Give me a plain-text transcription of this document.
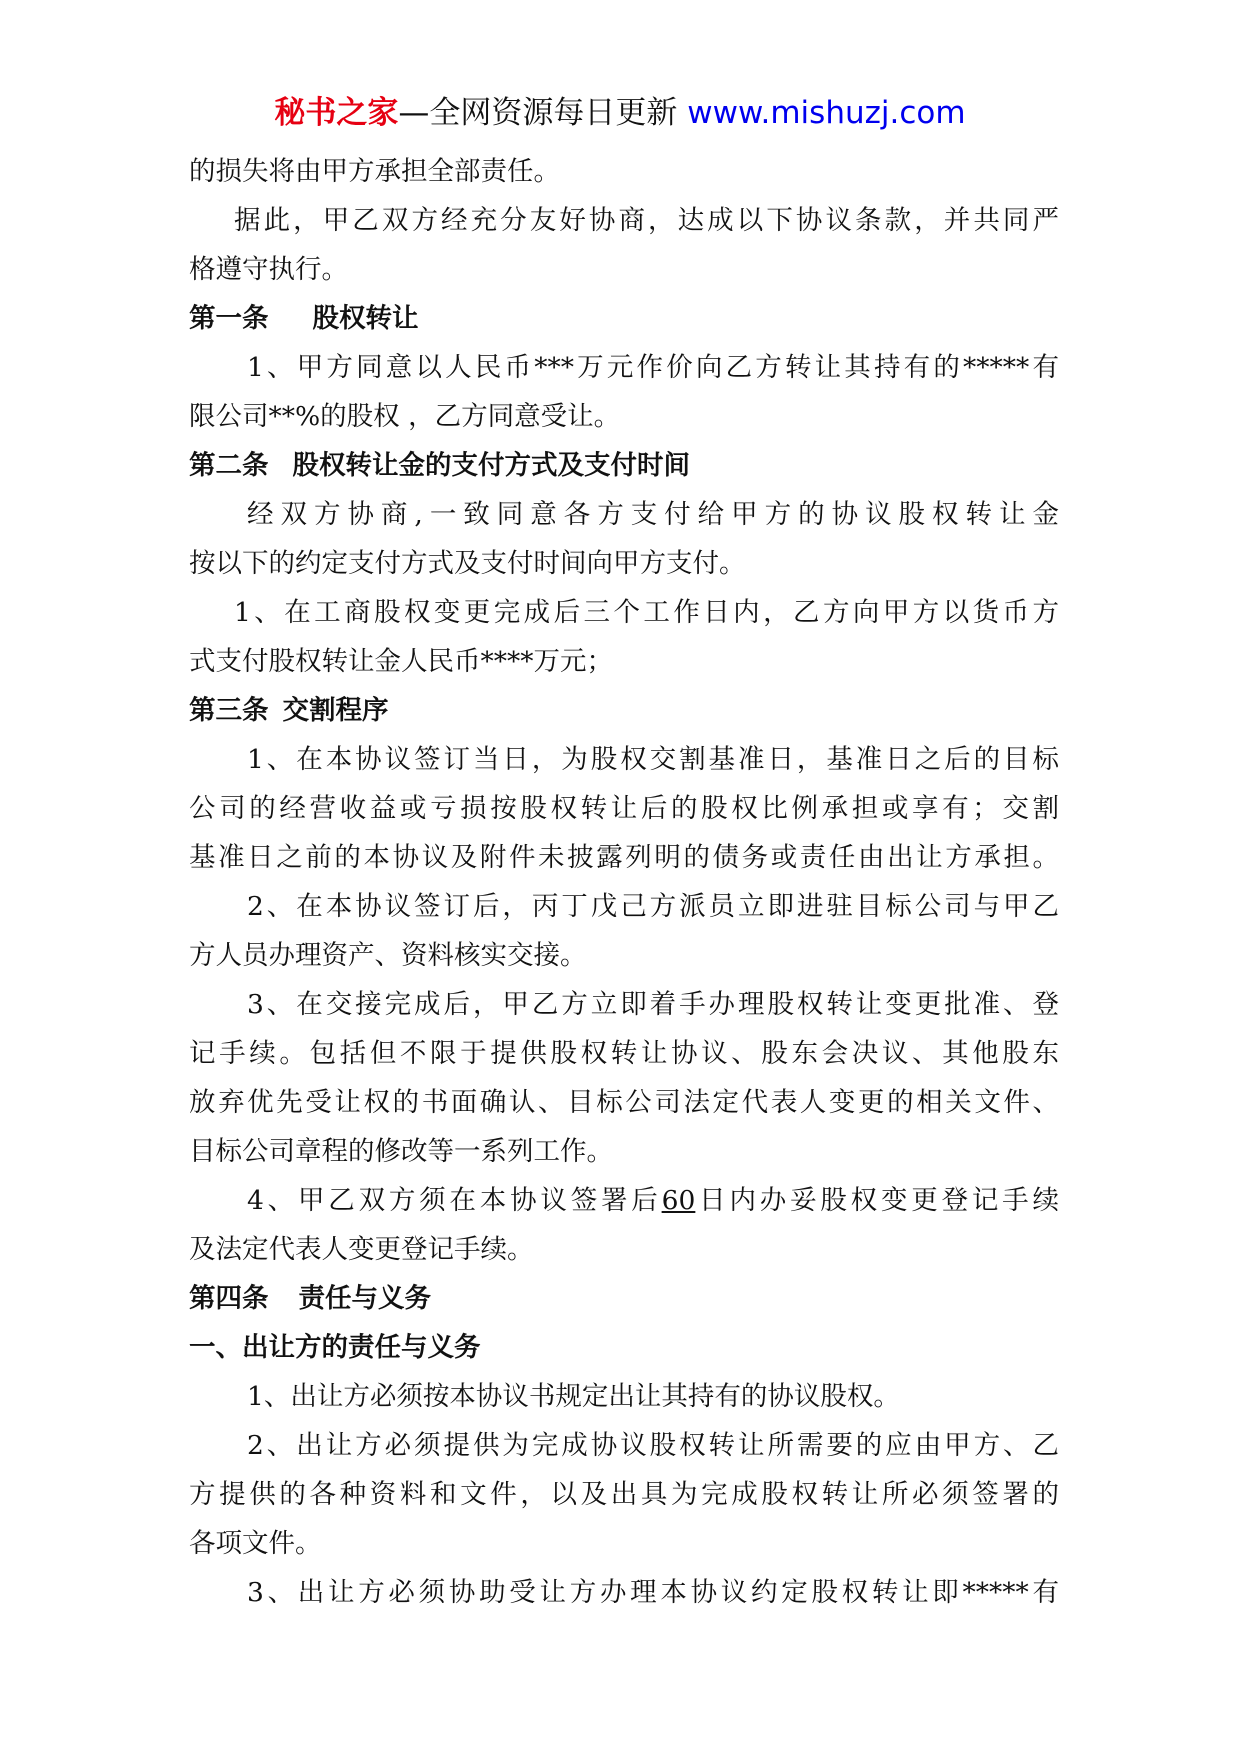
秘书之家—全网资源每日更新 www.mishuzj.com
的损失将由甲方承担全部责任。
据此，甲乙双方经充分友好协商，达成以下协议条款，并共同严
格遵守执行。
第一条 股权转让
1、甲方同意以人民币***万元作价向乙方转让其持有的*****有
限公司**%的股权 ，乙方同意受让。
第二条 股权转让金的支付方式及支付时间
经双方协商,一致同意各方支付给甲方的协议股权转让金
按以下的约定支付方式及支付时间向甲方支付。
1、在工商股权变更完成后三个工作日内，乙方向甲方以货币方
式支付股权转让金人民币****万元；
第三条 交割程序
1、在本协议签订当日，为股权交割基准日，基准日之后的目标
公司的经营收益或亏损按股权转让后的股权比例承担或享有；交割
基准日之前的本协议及附件未披露列明的债务或责任由出让方承担。
2、在本协议签订后，丙丁戊己方派员立即进驻目标公司与甲乙
方人员办理资产、资料核实交接。
3、在交接完成后，甲乙方立即着手办理股权转让变更批准、登
记手续。包括但不限于提供股权转让协议、股东会决议、其他股东
放弃优先受让权的书面确认、目标公司法定代表人变更的相关文件、
目标公司章程的修改等一系列工作。
4、甲乙双方须在本协议签署后60日内办妥股权变更登记手续
及法定代表人变更登记手续。
第四条 责任与义务
一、出让方的责任与义务
1、出让方必须按本协议书规定出让其持有的协议股权。
2、出让方必须提供为完成协议股权转让所需要的应由甲方、乙
方提供的各种资料和文件，以及出具为完成股权转让所必须签署的
各项文件。
3、出让方必须协助受让方办理本协议约定股权转让即*****有
